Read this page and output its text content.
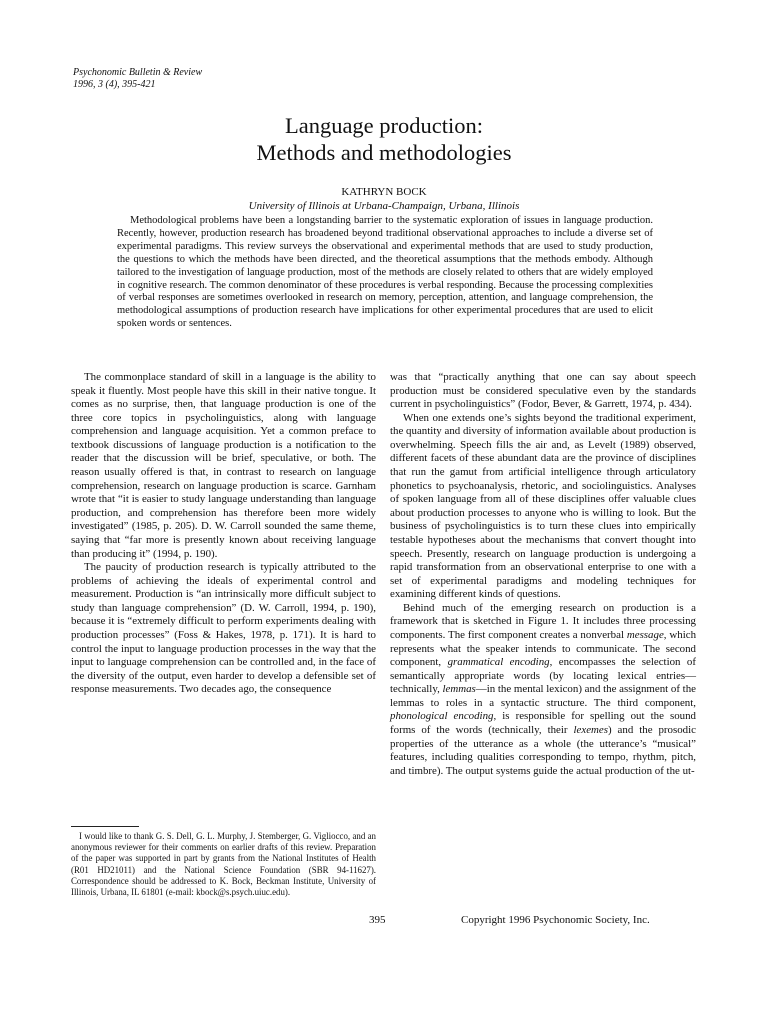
Psychonomic Bulletin & Review
1996, 3 (4), 395-421
Language production:
Methods and methodologies
KATHRYN BOCK
University of Illinois at Urbana-Champaign, Urbana, Illinois

Methodological problems have been a longstanding barrier to the systematic exploration of issues in language production. Recently, however, production research has broadened beyond traditional observational approaches to include a diverse set of experimental paradigms. This review surveys the observational and experimental methods that are used to study production, the questions to which the methods have been directed, and the theoretical assumptions that the methods embody. Although tailored to the investigation of language production, most of the methods are closely related to others that are widely employed in cognitive research. The common denominator of these procedures is verbal responding. Because the processing complexities of verbal responses are sometimes overlooked in research on memory, perception, attention, and language comprehension, the methodological assumptions of production research have implications for other experimental procedures that are used to elicit spoken words or sentences.

The commonplace standard of skill in a language is the ability to speak it fluently. Most people have this skill in their native tongue. It comes as no surprise, then, that language production is one of the three core topics in psycholinguistics, along with language comprehension and language acquisition. Yet a common preface to textbook discussions of language production is a notification to the reader that the discussion will be brief, speculative, or both. The reason usually offered is that, in contrast to research on language comprehension, research on language production is scarce. Garnham wrote that “it is easier to study language understanding than language production, and comprehension has therefore been more widely investigated” (1985, p. 205). D. W. Carroll sounded the same theme, saying that “far more is presently known about receiving language than producing it” (1994, p. 190).

The paucity of production research is typically attributed to the problems of achieving the ideals of experimental control and measurement. Production is “an intrinsically more difficult subject to study than language comprehension” (D. W. Carroll, 1994, p. 190), because it is “extremely difficult to perform experiments dealing with production processes” (Foss & Hakes, 1978, p. 171). It is hard to control the input to language production processes in the way that the input to language comprehension can be controlled and, in the face of the diversity of the output, even harder to develop a defensible set of response measurements. Two decades ago, the consequence

was that “practically anything that one can say about speech production must be considered speculative even by the standards current in psycholinguistics” (Fodor, Bever, & Garrett, 1974, p. 434).

When one extends one’s sights beyond the traditional experiment, the quantity and diversity of information available about production is overwhelming. Speech fills the air and, as Levelt (1989) observed, different facets of these abundant data are the province of disciplines that run the gamut from artificial intelligence through articulatory phonetics to psychoanalysis, rhetoric, and sociolinguistics. Analyses of spoken language from all of these disciplines offer valuable clues about production processes to anyone who is willing to look. But the business of psycholinguistics is to turn these clues into empirically testable hypotheses about the mechanisms that convert thought into speech. Presently, research on language production is undergoing a rapid transformation from an observational enterprise to one with a set of experimental paradigms and modeling techniques for examining different kinds of questions.

Behind much of the emerging research on production is a framework that is sketched in Figure 1. It includes three processing components. The first component creates a nonverbal message, which represents what the speaker intends to communicate. The second component, grammatical encoding, encompasses the selection of semantically appropriate words (by locating lexical entries—technically, lemmas—in the mental lexicon) and the assignment of the lemmas to roles in a syntactic structure. The third component, phonological encoding, is responsible for spelling out the sound forms of the words (technically, their lexemes) and the prosodic properties of the utterance as a whole (the utterance’s “musical” features, including qualities corresponding to tempo, rhythm, pitch, and timbre). The output systems guide the actual production of the ut-

I would like to thank G. S. Dell, G. L. Murphy, J. Stemberger, G. Vigliocco, and an anonymous reviewer for their comments on earlier drafts of this review. Preparation of the paper was supported in part by grants from the National Institutes of Health (R01 HD21011) and the National Science Foundation (SBR 94-11627). Correspondence should be addressed to K. Bock, Beckman Institute, University of Illinois, Urbana, IL 61801 (e-mail: kbock@s.psych.uiuc.edu).

395	Copyright 1996 Psychonomic Society, Inc.
